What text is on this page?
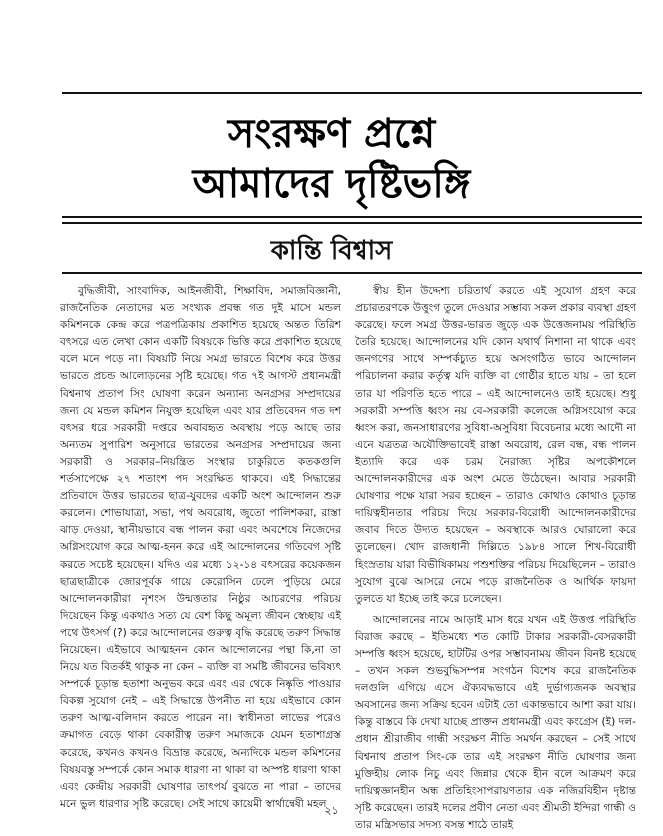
সংরক্ষণ প্রশ্নে
আমাদের দৃষ্টিভঙ্গি
কান্তি বিশ্বাস

বুদ্ধিজীবী, সাংবাদিক, আইনজীবী, শিক্ষাবিদ, সমাজবিজ্ঞানী, রাজনৈতিক নেতাদের মত সংখ্যক প্রবন্ধ গত দুই মাসে মন্ডল কমিশনকে কেন্দ্র করে পত্রপত্রিকায় প্রকাশিত হয়েছে অন্তত তিরিশ বৎসরে এত লেখা কোন একটি বিষয়কে ভিত্তি করে প্রকাশিত হয়েছে বলে মনে পড়ে না। বিষয়টি নিয়ে সমগ্র ভারতে বিশেষ করে উত্তর ভারতে প্রচন্ড আলোড়নের সৃষ্টি হয়েছে। গত ৭ই আগস্ট প্রধানমন্ত্রী বিশ্বনাথ প্রতাপ সিং ঘোষণা করেন অন্যান্য অনগ্রসর সম্প্রদায়ের জন্য যে মন্ডল কমিশন নিযুক্ত হয়েছিল এবং যার প্রতিবেদন গত দশ বৎসর ধরে সরকারী দপ্তরে অবাবহৃত অবস্থায় পড়ে আছে তার অন্যতম সুপারিশ অনুসারে ভারতের অনগ্রসর সম্প্রদায়ের জন্য সরকারী ও সরকার–নিয়ন্ত্রিত সংস্থার চাকুরিতে কতকগুলি শর্তসাপেক্ষে ২৭ শতাংশ পদ সংরক্ষিত থাকবে। এই সিদ্ধান্তের প্রতিবাদে উত্তর ভারতের ছাত্র-যুবদের একটি অংশ আন্দোলন শুরু করলেন। শোভাযাত্রা, সভা, পথ অবরোধ, জুতো পালিশকরা, রাস্তা ঝাড় দেওয়া, স্থানীয়ভাবে বন্ধ পালন করা এবং অবশেষে নিজেদের অগ্নিসংযোগ করে আত্ম-হনন করে এই আন্দোলনের গতিবেগ সৃষ্টি করতে সচেষ্ট হয়েছেন। যদিও এর মধ্যে ১২-১৪ বৎসরের কয়েকজন ছাত্রছাত্রীকে জোরপূর্বক গায়ে কেরোসিন ঢেলে পুড়িয়ে মেরে আন্দোলনকারীরা নৃশংস উন্মত্ততার নিষ্ঠুর আচরণের পরিচয় দিয়েছেন কিন্তু একথাও সত্য যে বেশ কিছু অমূল্য জীবন স্বেচ্ছায় এই পথে উৎসর্গ (?) করে আন্দোলনের গুরুত্ব বৃদ্ধি করেছে তরুণ সিদ্ধান্ত নিয়েছেন। এইভাবে আত্মহনন কোন আন্দোলনের পন্থা কি,না তা নিয়ে যত বিতর্কই থাকুক না কেন – ব্যক্তি বা সমষ্টি জীবনের ভবিষ্যৎ সম্পর্কে চূড়ান্ত হতাশা অনুভব করে এবং এর থেকে নিষ্কৃতি পাওয়ার বিকল্প সুযোগ নেই – এই সিদ্ধান্তে উপনীত না হয়ে এইভাবে কোন তরুণ আত্ম-বলিদান করতে পারেন না। স্বাধীনতা লাভের পরেও ক্রমাগত বেড়ে থাকা বেকারীত্ব তরুণ সমাজকে যেমন হতাশাগ্রস্ত করেছে, কখনও কখনও বিভ্রান্ত করেছে, অন্যদিকে মন্ডল কমিশনের বিষয়বস্তু সম্পর্কে কোন সমাক ধারণা না থাকা বা অস্পষ্ট ধারণা থাকা এবং কেন্দ্রীয় সরকারী ঘোষণার তাৎপর্য বুঝতে না পারা – তাদের মনে ভুল ধারণার সৃষ্টি করেছে। সেই সাথে কায়েমী স্বার্থান্বেষী মহল

স্বীয় হীন উদ্দেশ্য চরিতার্থ করতে এই সুযোগ গ্রহণ করে প্রচারতরণকে উত্তুংগ তুলে দেওয়ার সম্ভাব্য সকল প্রকার ব্যবস্থা গ্রহণ করেছে। ফলে সমগ্র উত্তর-ভারত জুড়ে এক উত্তেজনাময় পরিস্থিতি তৈরি হয়েছে। আন্দোলনের যদি কোন যথার্থ নিশানা না থাকে এবং জনগণের সাথে সম্পর্কচ্যুত হয়ে অসংগঠিত ভাবে আন্দোলন পরিচালনা করার কর্তৃত্ব যদি ব্যক্তি বা গোষ্ঠীর হাতে যায় – তা হলে তার যা পরিণতি হতে পারে – এই আন্দোলনেও তাই হয়েছে। শুধু সরকারী সম্পত্তি ধ্বংস নয় বে-সরকারী কলেজে অগ্নিসংযোগ করে ধ্বংস করা, জনসাধারণের সুবিধা-অসুবিধা বিবেচনার মধ্যে আদৌ না এনে যত্রতত্র অযৌক্তিভাবেই রাস্তা অবরোধ, রেল বন্ধ, বন্ধ পালন ইত্যাদি করে এক চরম নৈরাজ্য সৃষ্টির অপকৌশলে আন্দোলনকারীদের এক অংশ মেতে উঠেছেন। আবার সরকারী ঘোষণার পক্ষে যারা সরব হচ্ছেন – তারাও কোথাও কোথাও চূড়ান্ত দায়িত্বহীনতার পরিচয় দিয়ে সরকার-বিরোধী আন্দোলনকারীদের জবাব দিতে উদ্যত হয়েছেন – অবস্থাকে আরও ঘোরালো করে তুলেছেন। খোদ রাজধানী দিল্লিতে ১৯৮৪ সালে শিখ-বিরোধী হিংস্রতায় যারা বিভীষিকাময় পশুশক্তির পরিচয় দিয়েছিলেন – তারাও সুযোগ বুঝে আসরে নেমে পড়ে রাজনৈতিক ও আর্থিক ফায়দা তুলতে যা ইচ্ছে তাই করে চলেছেন।

আন্দোলনের নামে আড়াই মাস ধরে যখন এই উত্তপ্ত পরিস্থিতি বিরাজ করছে – ইতিমধ্যে শত কোটি টাকার সরকারী-বেসরকারী সম্পত্তি ধ্বংস হয়েছে, হাটটির ওপর সম্ভাবনাময় জীবন বিনষ্ট হয়েছে – তখন সকল শুভবুদ্ধিসম্পন্ন সংগঠন বিশেষ করে রাজনৈতিক দলগুলি এগিয়ে এসে ঐক্যবদ্ধভাবে এই দুর্ভাগ্যজনক অবস্থার অবসানের জন্য সক্রিয় হবেন এটাই তো একান্তভাবে আশা করা যায়। কিন্তু বাস্তবে কি দেখা যাচ্ছে প্রাক্তন প্রধানমন্ত্রী এবং কংগ্রেস (ই) দল-প্রধান শ্রীরাজীব গান্ধী সংরক্ষণ নীতি সমর্থন করছেন – সেই সাথে বিশ্বনাথ প্রতাপ সিং-কে তার এই সংরক্ষণ নীতি ঘোষণার জন্য মুক্তিহীয় লোক নিচু এবং জিন্নার থেকে হীন বলে আক্রমণ করে দায়িত্বজ্ঞানহীন অন্ধ প্রতিহিংসাপরায়ণতার এক নজিরবিহীন দৃষ্টান্ত সৃষ্টি করেছেন। তারই দলের প্রবীণ নেতা এবং শ্রীমতী ইন্দিরা গান্ধী ও তার মন্ত্রিসভার সদস্য বসন্ত শাঠে তারই

২১
